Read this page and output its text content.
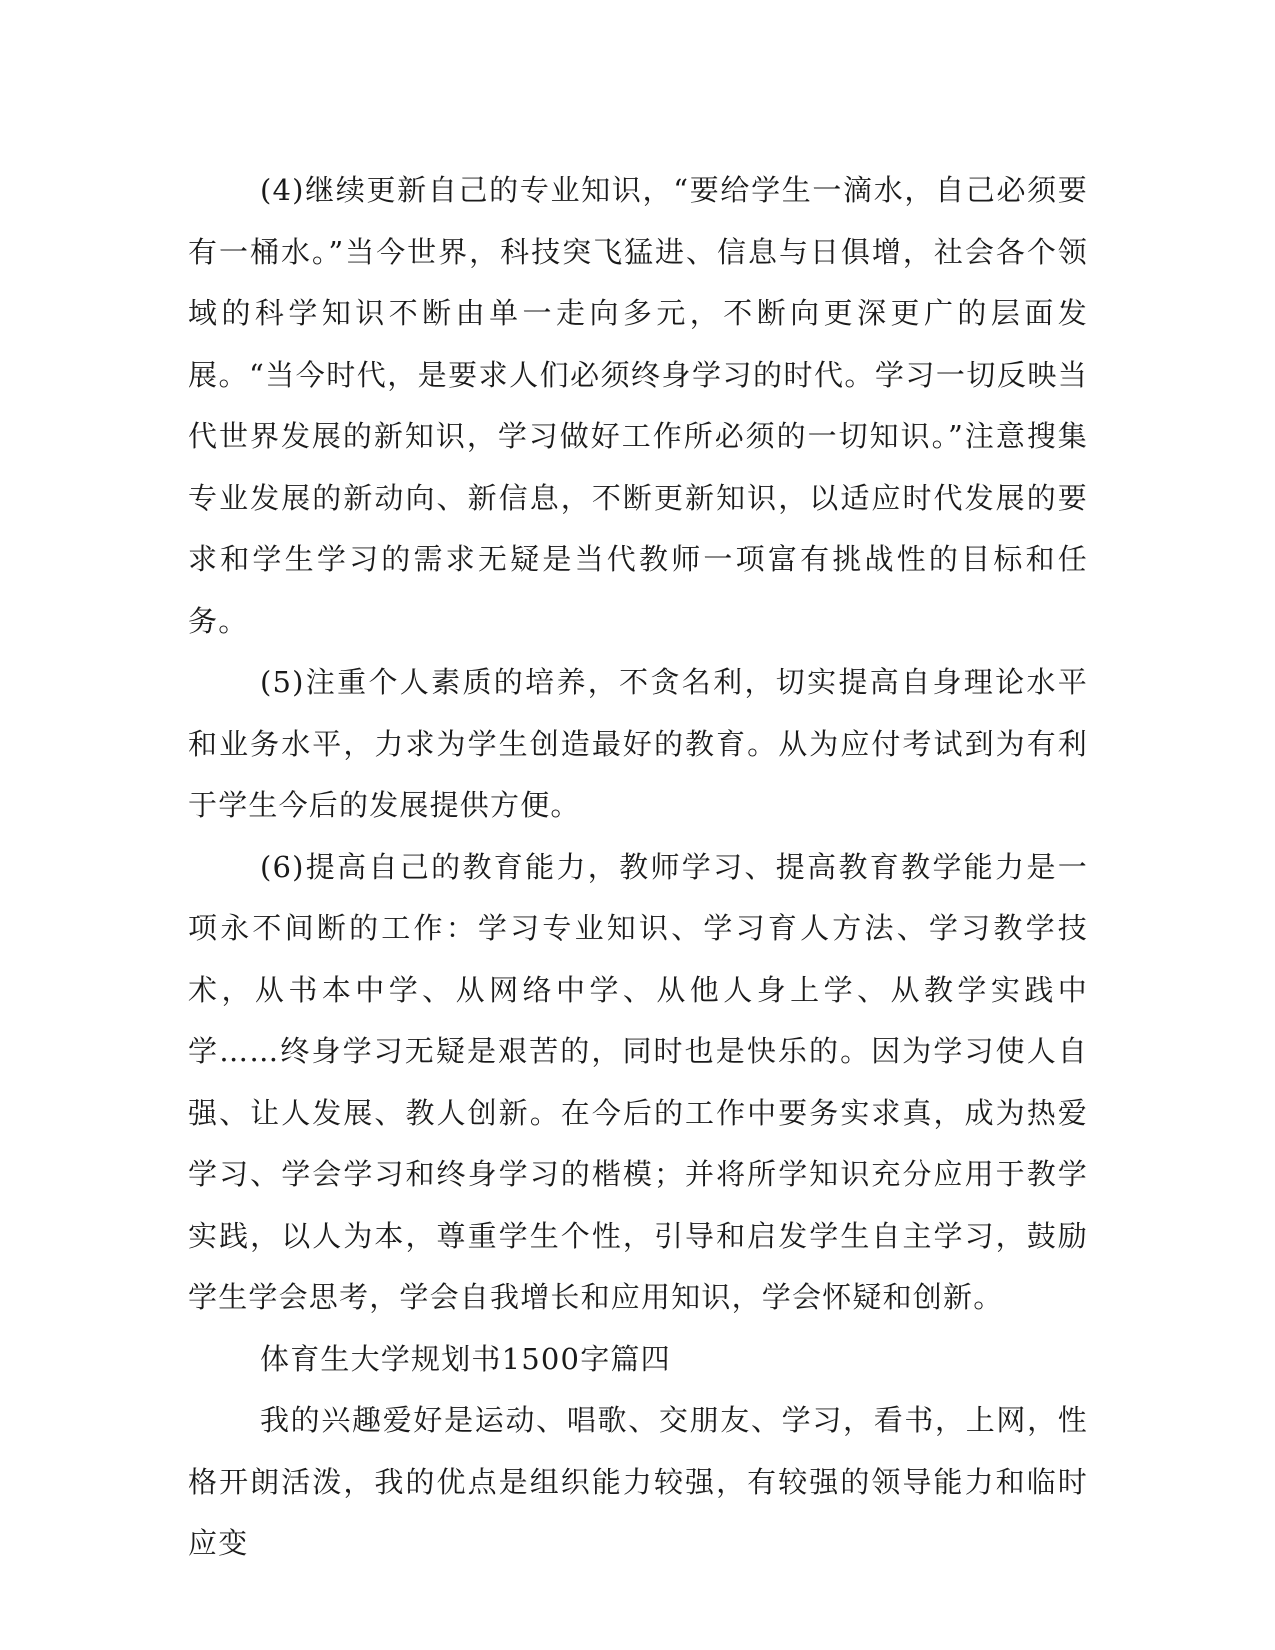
(4)继续更新自己的专业知识，“要给学生一滴水，自己必须要有一桶水。”当今世界，科技突飞猛进、信息与日俱增，社会各个领域的科学知识不断由单一走向多元，不断向更深更广的层面发展。“当今时代，是要求人们必须终身学习的时代。学习一切反映当代世界发展的新知识，学习做好工作所必须的一切知识。”注意搜集专业发展的新动向、新信息，不断更新知识，以适应时代发展的要求和学生学习的需求无疑是当代教师一项富有挑战性的目标和任务。

(5)注重个人素质的培养，不贪名利，切实提高自身理论水平和业务水平，力求为学生创造最好的教育。从为应付考试到为有利于学生今后的发展提供方便。

(6)提高自己的教育能力，教师学习、提高教育教学能力是一项永不间断的工作：学习专业知识、学习育人方法、学习教学技术，从书本中学、从网络中学、从他人身上学、从教学实践中学……终身学习无疑是艰苦的，同时也是快乐的。因为学习使人自强、让人发展、教人创新。在今后的工作中要务实求真，成为热爱学习、学会学习和终身学习的楷模；并将所学知识充分应用于教学实践，以人为本，尊重学生个性，引导和启发学生自主学习，鼓励学生学会思考，学会自我增长和应用知识，学会怀疑和创新。

体育生大学规划书1500字篇四

我的兴趣爱好是运动、唱歌、交朋友、学习，看书，上网，性格开朗活泼，我的优点是组织能力较强，有较强的领导能力和临时应变
